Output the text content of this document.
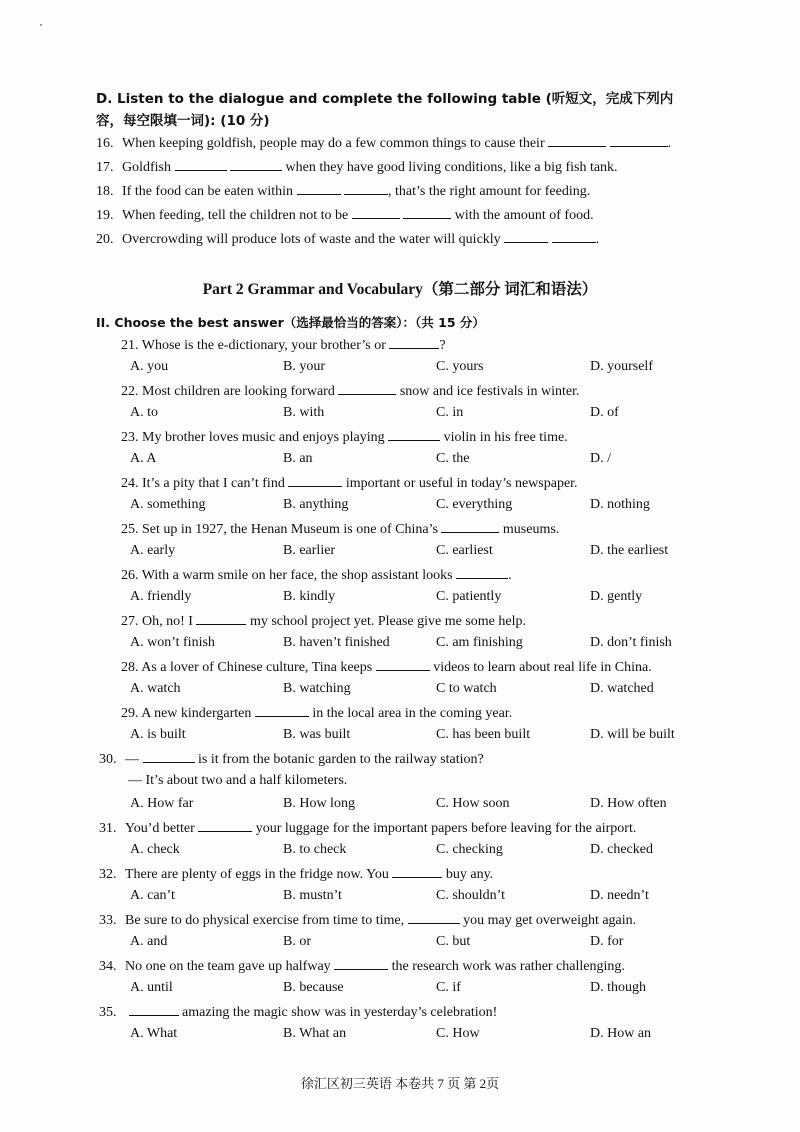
D. Listen to the dialogue and complete the following table (听短文，完成下列内容，每空限填一词): (10 分)
16. When keeping goldfish, people may do a few common things to cause their	.
17. Goldfish	when they have good living conditions, like a big fish tank.
18. If the food can be eaten within	, that’s the right amount for feeding.
19. When feeding, tell the children not to be	with the amount of food.
20. Overcrowding will produce lots of waste and the water will quickly	.
Part 2 Grammar and Vocabulary（第二部分 词汇和语法）
II. Choose the best answer（选择最恰当的答案）：（共 15 分）
21. Whose is the e-dictionary, your brother’s or	?
A. you	B. your	C. yours	D. yourself
22. Most children are looking forward	snow and ice festivals in winter.
A. to	B. with	C. in	D. of
23. My brother loves music and enjoys playing	violin in his free time.
A. A	B. an	C. the	D. /
24. It’s a pity that I can’t find	important or useful in today’s newspaper.
A. something	B. anything	C. everything	D. nothing
25. Set up in 1927, the Henan Museum is one of China’s	museums.
A. early	B. earlier	C. earliest	D. the earliest
26. With a warm smile on her face, the shop assistant looks	.
A. friendly	B. kindly	C. patiently	D. gently
27. Oh, no! I	my school project yet. Please give me some help.
A. won’t finish	B. haven’t finished	C. am finishing	D. don’t finish
28. As a lover of Chinese culture, Tina keeps	videos to learn about real life in China.
A. watch	B. watching	C to watch	D. watched
29. A new kindergarten	in the local area in the coming year.
A. is built	B. was built	C. has been built	D. will be built
30. —	is it from the botanic garden to the railway station?
— It’s about two and a half kilometers.
A. How far	B. How long	C. How soon	D. How often
31. You’d better	your luggage for the important papers before leaving for the airport.
A. check	B. to check	C. checking	D. checked
32. There are plenty of eggs in the fridge now. You	buy any.
A. can’t	B. mustn’t	C. shouldn’t	D. needn’t
33. Be sure to do physical exercise from time to time,	you may get overweight again.
A. and	B. or	C. but	D. for
34. No one on the team gave up halfway	the research work was rather challenging.
A. until	B. because	C. if	D. though
35.	amazing the magic show was in yesterday’s celebration!
A. What	B. What an	C. How	D. How an
徐汇区初三英语 本卷共 7 页 第 2页
